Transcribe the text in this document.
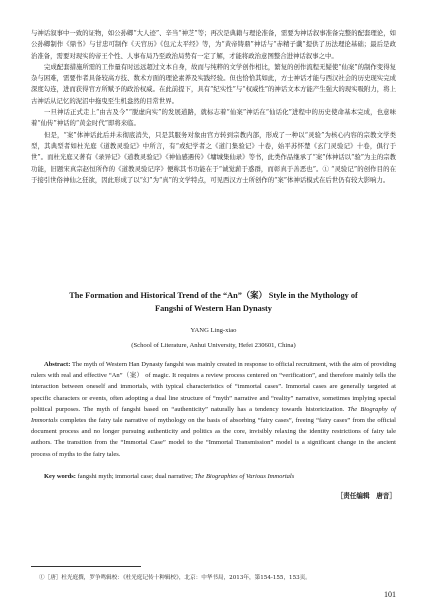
与神话叙事中一致的证物，如公孙卿“大人迹”、辛当“神芝”等；再次是典籍与理论准备，需要为神话叙事准备完整的配套理论，如公孙卿制作《鼎书》与甘忠可制作《天官历》《包元太平经》等，为“黄帝铸鼎”神话与“赤精子谶”提供了历法理论基础；最后是政治准备，需要对现实的帝王个性、人事布局乃至政治局势有一定了解，才能将政治意图整合进神话叙事之中。

完成配套措施所需的工作量有时远远超过文本自身，故而与纯粹的文学创作相比，繁复的创作流程无疑使“仙案”的制作变得复杂与困难，需要作者具备较高方技、数术方面的理论素养及实践经验。但也恰恰其如此，方士神话才能与西汉社会的历史现实完成深度勾连，进而获得官方所赋予的政治权威。在此前提下，具有“纪实性”与“权威性”的神话文本方能产生强大的现实吸附力，将上古神话从记忆的泥沼中拖曳至生机盎然的目常世界。

一旦神话正式走上“由古及今”“脱虚向实”的发展道路，就标志着“仙案”神话在“仙话化”进程中的历史使命基本完成，也意味着“仙传”神话的“黄金时代”即将来临。

但是，“案”体神话此后并未彻底消失，只是其服务对象由官方转到宗教内部，形成了一种以“灵验”为核心内容的宗教文学类型，其典型者如杜光庭《道教灵验记》中所言，有“或纪学者之《道门集验记》十卷，始平苏怀楚《玄门灵验记》十卷，俱行于世”。而杜光庭又著有《录异记》《道教灵验记》《神仙感遇传》《墉城集仙录》等书，此类作品继承了“案”体神话以“验”为主的宗教功能，旧题宋真宗赵恒所作的《道教灵验记序》便称其书功能在于“诚觉薪于惑群，而彰真于善恶也”。① “灵验记”的创作目的在于接引世俗神仙之狂欲，因此形成了以“幻”为“真”的文学特点，可见西汉方士所创作的“案”体神话模式在后世仍有较大影响力。

The Formation and Historical Trend of the “An”（案） Style in the Mythology of
Fangshi of Western Han Dynasty
YANG Ling-xiao
(School of Literature, Anhui University, Hefei 230601, China)
Abstract: The myth of Western Han Dynasty fangshi was mainly created in response to official recruitment, with the aim of providing rulers with real and effective “An”（案） of magic. It requires a review process centered on “verification”, and therefore mainly tells the interaction between oneself and immortals, with typical characteristics of “immortal cases”. Immortal cases are generally targeted at specific characters or events, often adopting a dual line structure of “myth” narrative and “reality” narrative, sometimes implying special political purposes. The myth of fangshi based on “authenticity” naturally has a tendency towards historicization. The Biography of Immortals completes the fairy tale narrative of mythology on the basis of absorbing “fairy cases”, freeing “fairy cases” from the official document process and no longer pursuing authenticity and politics as the core, invisibly relaxing the identity restrictions of fairy tale authors. The transition from the “Immortal Case” model to the “Immortal Transmission” model is a significant change in the ancient process of myths to the fairy tales.
Key words: fangshi myth; immortal case; dual narrative; The Biographies of Various Immortals
［责任编辑　唐音］
①［唐］杜光庭撰，罗争鸣辑校：《杜光庭记传十种辑校》，北京：中华书局，2013年，第154-155，153页。
101
